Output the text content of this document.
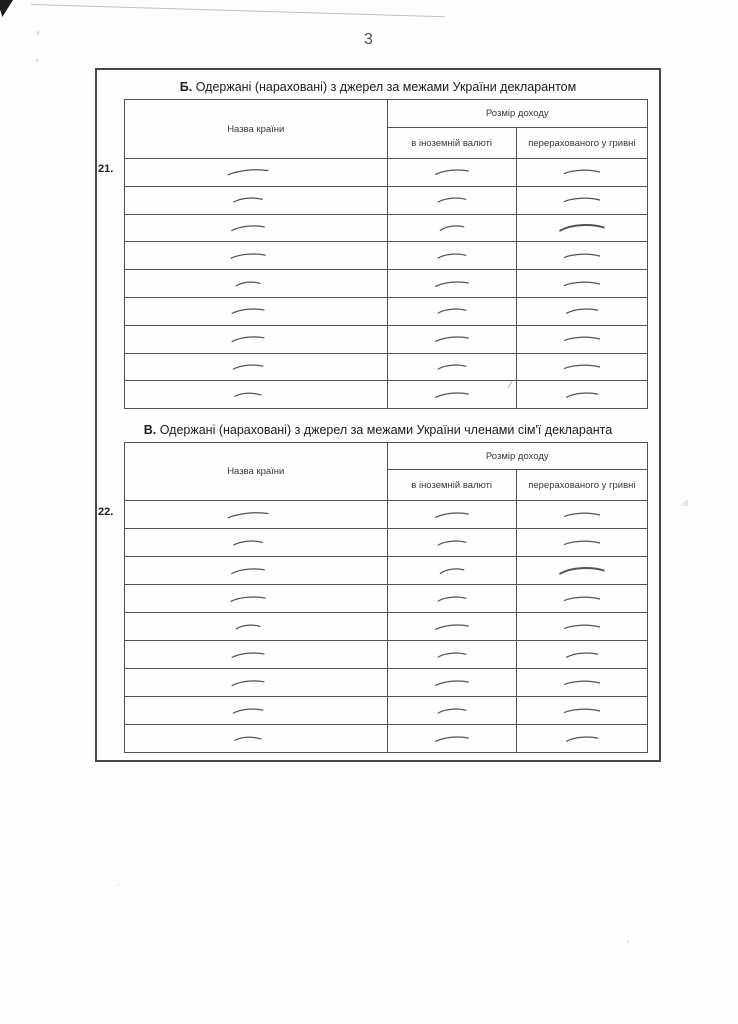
.dl
3
Б. Одержані (нараховані) з джерел за межами України декларантом
21.
Назва країни	Розмір доходу	
	в іноземній валюті	перерахованого у гривні

В. Одержані (нараховані) з джерел за межами України членами сім'ї декларанта
22.
Назва країни	Розмір доходу	
	в іноземній валюті	перерахованого у гривні
